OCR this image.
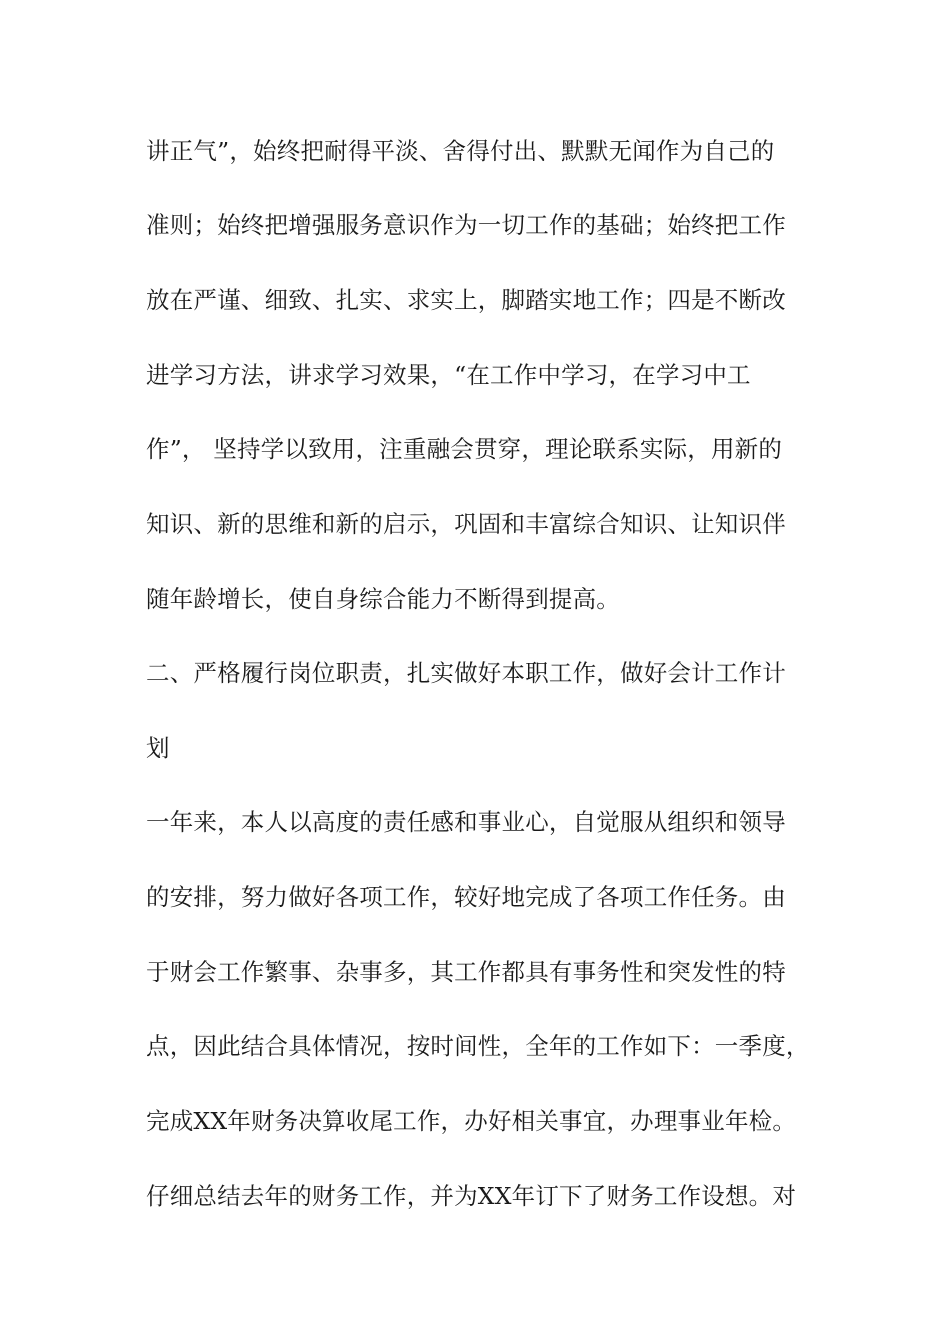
讲正气”，始终把耐得平淡、舍得付出、默默无闻作为自己的
准则；始终把增强服务意识作为一切工作的基础；始终把工作
放在严谨、细致、扎实、求实上，脚踏实地工作；四是不断改
进学习方法，讲求学习效果，“在工作中学习，在学习中工
作”， 坚持学以致用，注重融会贯穿，理论联系实际，用新的
知识、新的思维和新的启示，巩固和丰富综合知识、让知识伴
随年龄增长，使自身综合能力不断得到提高。
二、严格履行岗位职责，扎实做好本职工作，做好会计工作计
划
一年来，本人以高度的责任感和事业心，自觉服从组织和领导
的安排，努力做好各项工作，较好地完成了各项工作任务。由
于财会工作繁事、杂事多，其工作都具有事务性和突发性的特
点，因此结合具体情况，按时间性，全年的工作如下：一季度，
完成XX年财务决算收尾工作，办好相关事宜，办理事业年检。
仔细总结去年的财务工作，并为XX年订下了财务工作设想。对
